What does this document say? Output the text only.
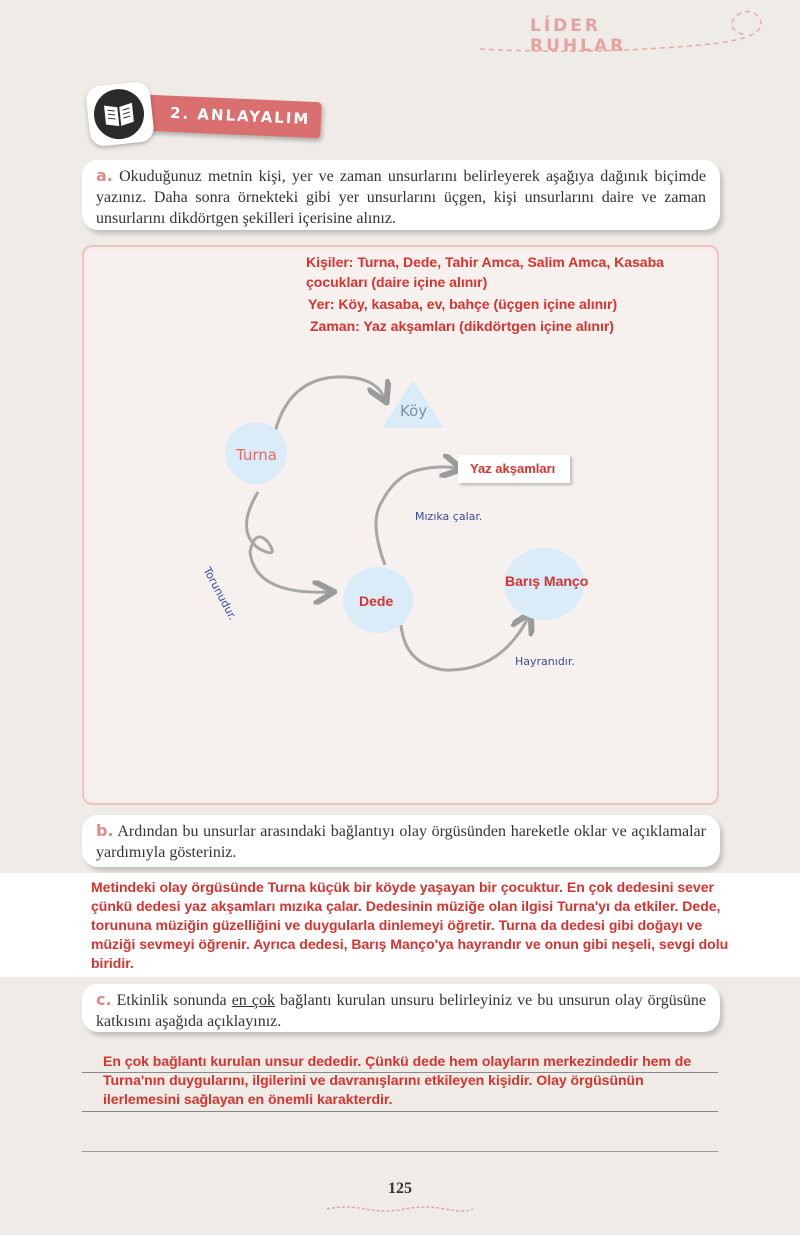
LİDER RUHLAR
2. ANLAYALIM
a. Okuduğunuz metnin kişi, yer ve zaman unsurlarını belirleyerek aşağıya dağınık biçimde yazınız. Daha sonra örnekteki gibi yer unsurlarını üçgen, kişi unsurlarını daire ve zaman unsurlarını dikdörtgen şekilleri içerisine alınız.
Kişiler: Turna, Dede, Tahir Amca, Salim Amca, Kasaba
çocukları (daire içine alınır)
Yer: Köy, kasaba, ev, bahçe (üçgen içine alınır)
Zaman: Yaz akşamları (dikdörtgen içine alınır)
Turna
Köy
Yaz akşamları
Dede
Barış Manço
Torunudur.
Mızıka çalar.
Hayranıdır.
b. Ardından bu unsurlar arasındaki bağlantıyı olay örgüsünden hareketle oklar ve açıklamalar yardımıyla gösteriniz.
Metindeki olay örgüsünde Turna küçük bir köyde yaşayan bir çocuktur. En çok dedesini sever çünkü dedesi yaz akşamları mızıka çalar. Dedesinin müziğe olan ilgisi Turna'yı da etkiler. Dede, torununa müziğin güzelliğini ve duygularla dinlemeyi öğretir. Turna da dedesi gibi doğayı ve müziği sevmeyi öğrenir. Ayrıca dedesi, Barış Manço'ya hayrandır ve onun gibi neşeli, sevgi dolu biridir.
c. Etkinlik sonunda en çok bağlantı kurulan unsuru belirleyiniz ve bu unsurun olay örgüsüne katkısını aşağıda açıklayınız.
En çok bağlantı kurulan unsur dededir. Çünkü dede hem olayların merkezindedir hem de Turna'nın duygularını, ilgilerini ve davranışlarını etkileyen kişidir. Olay örgüsünün ilerlemesini sağlayan en önemli karakterdir.
125
